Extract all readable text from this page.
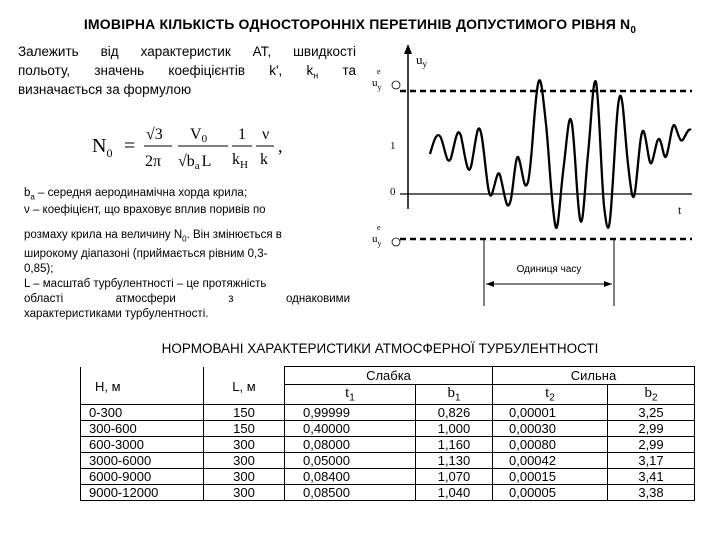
ІМОВІРНА КІЛЬКІСТЬ ОДНОСТОРОННІХ ПЕРЕТИНІВ ДОПУСТИМОГО РІВНЯ $N_0$
Залежить від характеристик АТ, швидкості
польоту, значень коефіцієнтів k', $k_н$ та
визначається за формулою
$N_0$ =
√3
2π
V0
√ba L
1
$k_H$
ν
k
,
$b_a$ – середня аеродинамічна хорда крила;
ν – коефіцієнт, що враховує вплив поривів по
розмаху крила на величину $N_0$. Він змінюється в
широкому діапазоні (приймається рівним 0,3-
0,85);
L – масштаб турбулентності – це протяжність
області атмосфери з однаковими
характеристиками турбулентності.
$u_y$
$u_y$
e
$u_y$
e
1
0
t
Одиниця часу
НОРМОВАНІ ХАРАКТЕРИСТИКИ АТМОСФЕРНОЇ ТУРБУЛЕНТНОСТІ
		Слабка		Сильна	
Н, м	L, м	$t_1$	$b_1$	$t_2$	$b_2$
0-300	150	0,99999	0,826	0,00001	3,25
300-600	150	0,40000	1,000	0,00030	2,99
600-3000	300	0,08000	1,160	0,00080	2,99
3000-6000	300	0,05000	1,130	0,00042	3,17
6000-9000	300	0,08400	1,070	0,00015	3,41
9000-12000	300	0,08500	1,040	0,00005	3,38
